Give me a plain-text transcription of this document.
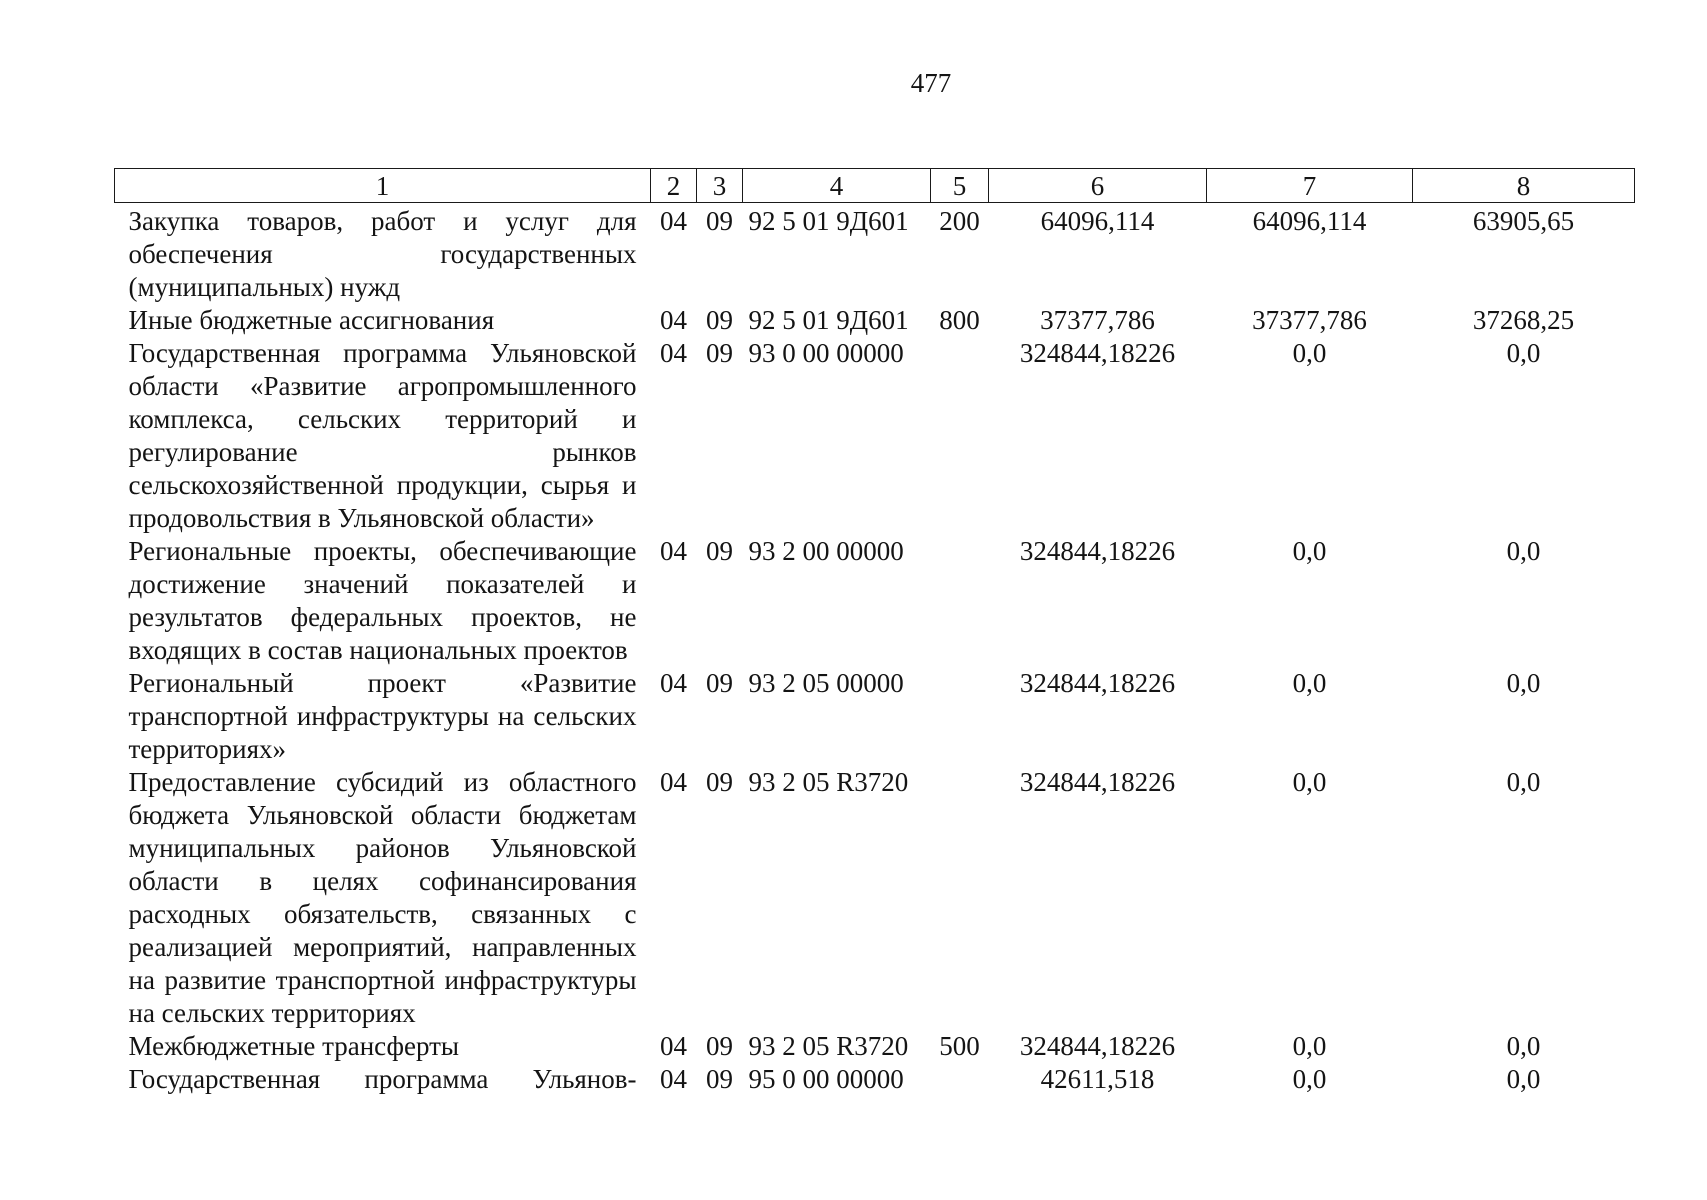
477
1	2	3	4	5	6	7	8
Закупка товаров, работ и услуг для обеспечения государственных (муниципальных) нужд	04	09	92 5 01 9Д601	200	64096,114	64096,114	63905,65
Иные бюджетные ассигнования	04	09	92 5 01 9Д601	800	37377,786	37377,786	37268,25
Государственная программа Ульяновской области «Развитие агропромышленного комплекса, сельских территорий и регулирование рынков сельскохозяйственной продукции, сырья и продовольствия в Ульяновской области»	04	09	93 0 00 00000		324844,18226	0,0	0,0
Региональные проекты, обеспечивающие достижение значений показателей и результатов федеральных проектов, не входящих в состав национальных проектов	04	09	93 2 00 00000		324844,18226	0,0	0,0
Региональный проект «Развитие транспортной инфраструктуры на сельских территориях»	04	09	93 2 05 00000		324844,18226	0,0	0,0
Предоставление субсидий из областного бюджета Ульяновской области бюджетам муниципальных районов Ульяновской области в целях софинансирования расходных обязательств, связанных с реализацией мероприятий, направленных на развитие транспортной инфраструктуры на сельских территориях	04	09	93 2 05 R3720		324844,18226	0,0	0,0
Межбюджетные трансферты	04	09	93 2 05 R3720	500	324844,18226	0,0	0,0
Государственная программа Ульянов-	04	09	95 0 00 00000		42611,518	0,0	0,0
